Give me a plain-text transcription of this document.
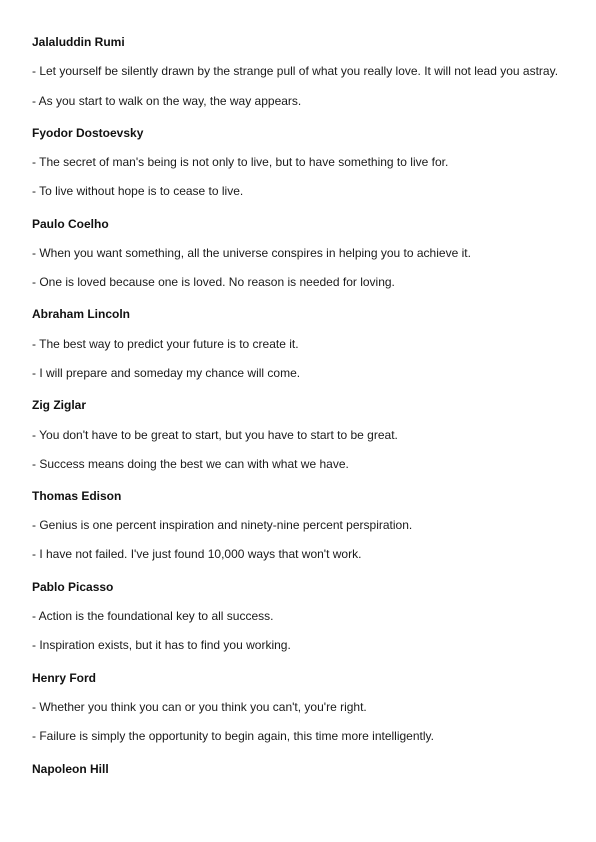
Jalaluddin Rumi
- Let yourself be silently drawn by the strange pull of what you really love. It will not lead you astray.
- As you start to walk on the way, the way appears.
Fyodor Dostoevsky
- The secret of man's being is not only to live, but to have something to live for.
- To live without hope is to cease to live.
Paulo Coelho
- When you want something, all the universe conspires in helping you to achieve it.
- One is loved because one is loved. No reason is needed for loving.
Abraham Lincoln
- The best way to predict your future is to create it.
- I will prepare and someday my chance will come.
Zig Ziglar
- You don't have to be great to start, but you have to start to be great.
- Success means doing the best we can with what we have.
Thomas Edison
- Genius is one percent inspiration and ninety-nine percent perspiration.
- I have not failed. I've just found 10,000 ways that won't work.
Pablo Picasso
- Action is the foundational key to all success.
- Inspiration exists, but it has to find you working.
Henry Ford
- Whether you think you can or you think you can't, you're right.
- Failure is simply the opportunity to begin again, this time more intelligently.
Napoleon Hill
